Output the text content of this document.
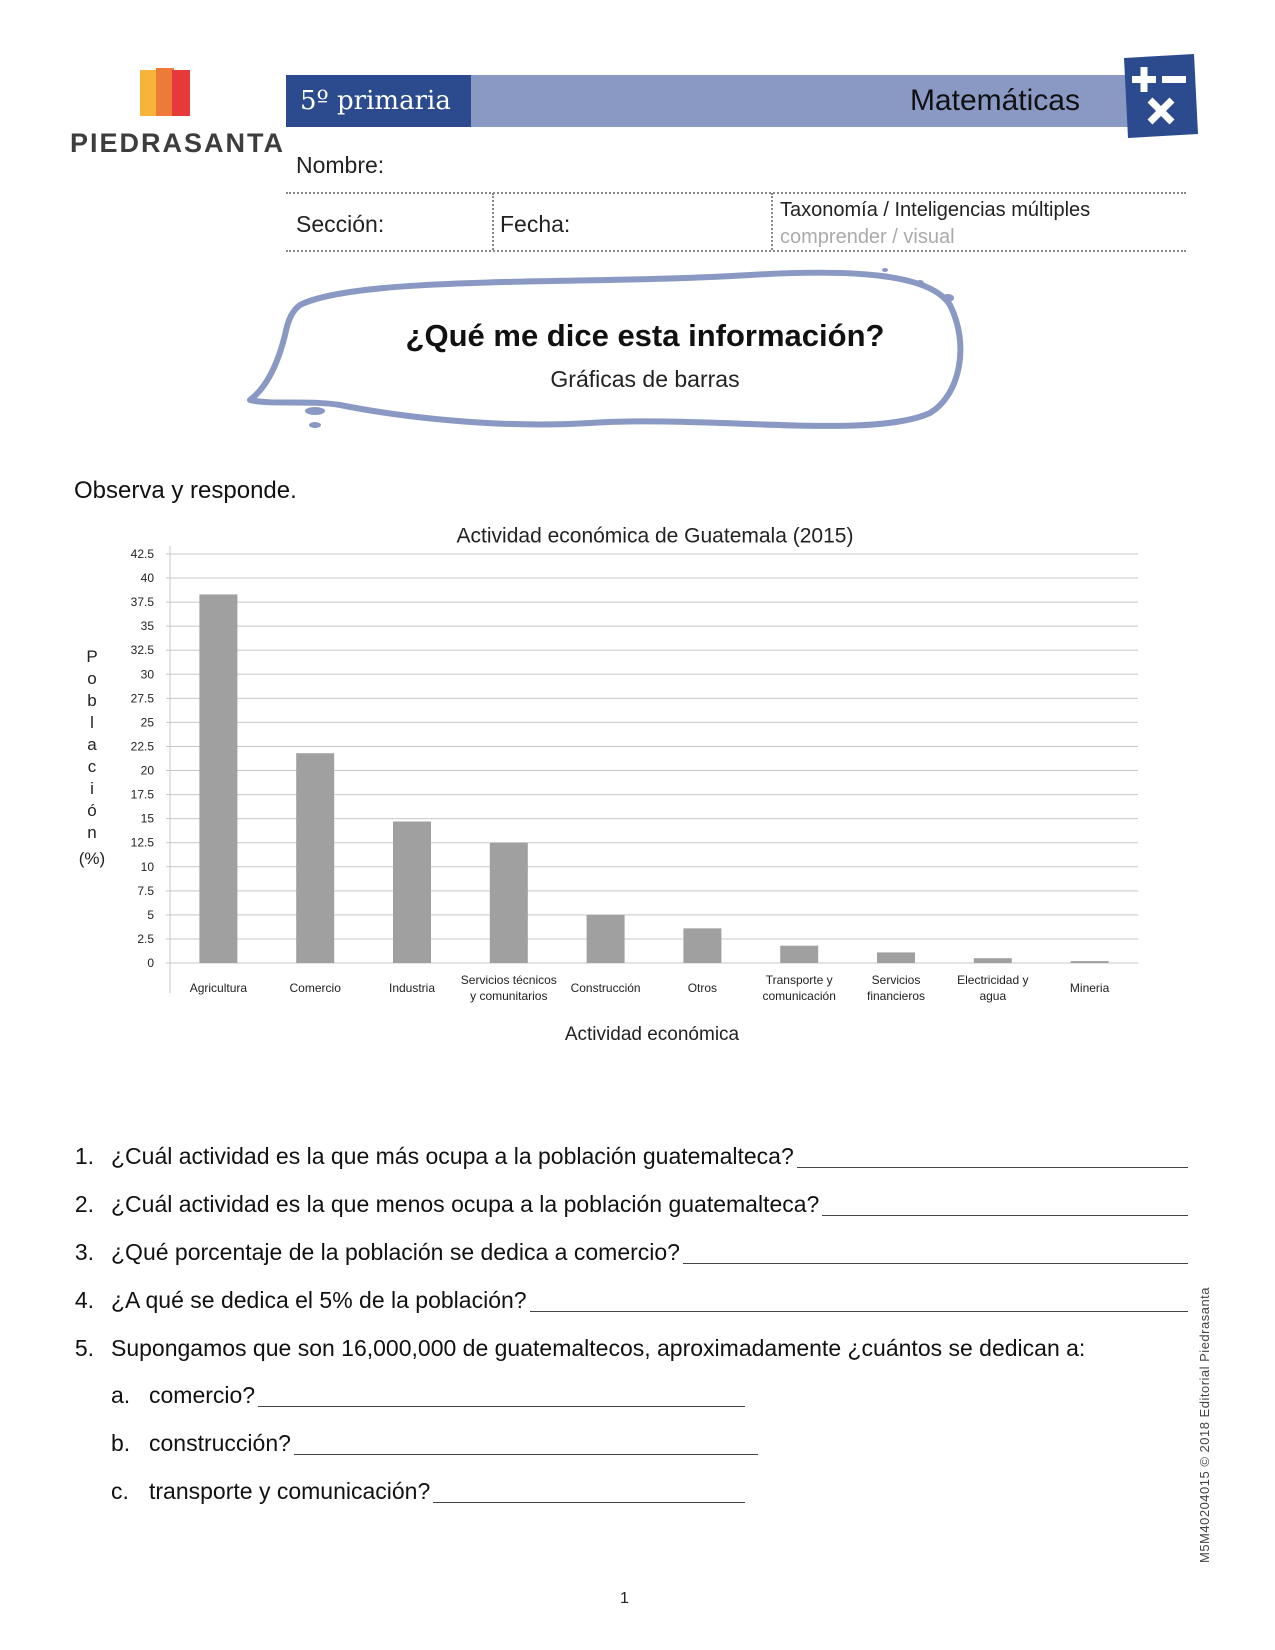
PIEDRASANTA
5º primaria	Matemáticas
Nombre:
Sección:	Fecha:
Taxonomía / Inteligencias múltiples
comprender / visual
¿Qué me dice esta información?
Gráficas de barras
Observa y responde.
0
2.5
5
7.5
10
12.5
15
17.5
20
22.5
25
27.5
30
32.5
35
37.5
40
42.5
Agricultura	Comercio	Industria
Servicios técnicos y comunitarios
Construcción	Otros
Transporte y comunicación
Servicios financieros
Electricidad y agua
Mineria
Actividad económica de Guatemala (2015)
Actividad económica
P
o
b
l
a
c
i
ó
n
(%)
1. ¿Cuál actividad es la que más ocupa a la población guatemalteca?
2. ¿Cuál actividad es la que menos ocupa a la población guatemalteca?
3. ¿Qué porcentaje de la población se dedica a comercio?
4. ¿A qué se dedica el 5% de la población?
5. Supongamos que son 16,000,000 de guatemaltecos, aproximadamente ¿cuántos se dedican a:
a. comercio?
b. construcción?
c. transporte y comunicación?	M5M40204015 © 2018 Editorial Piedrasanta
1
